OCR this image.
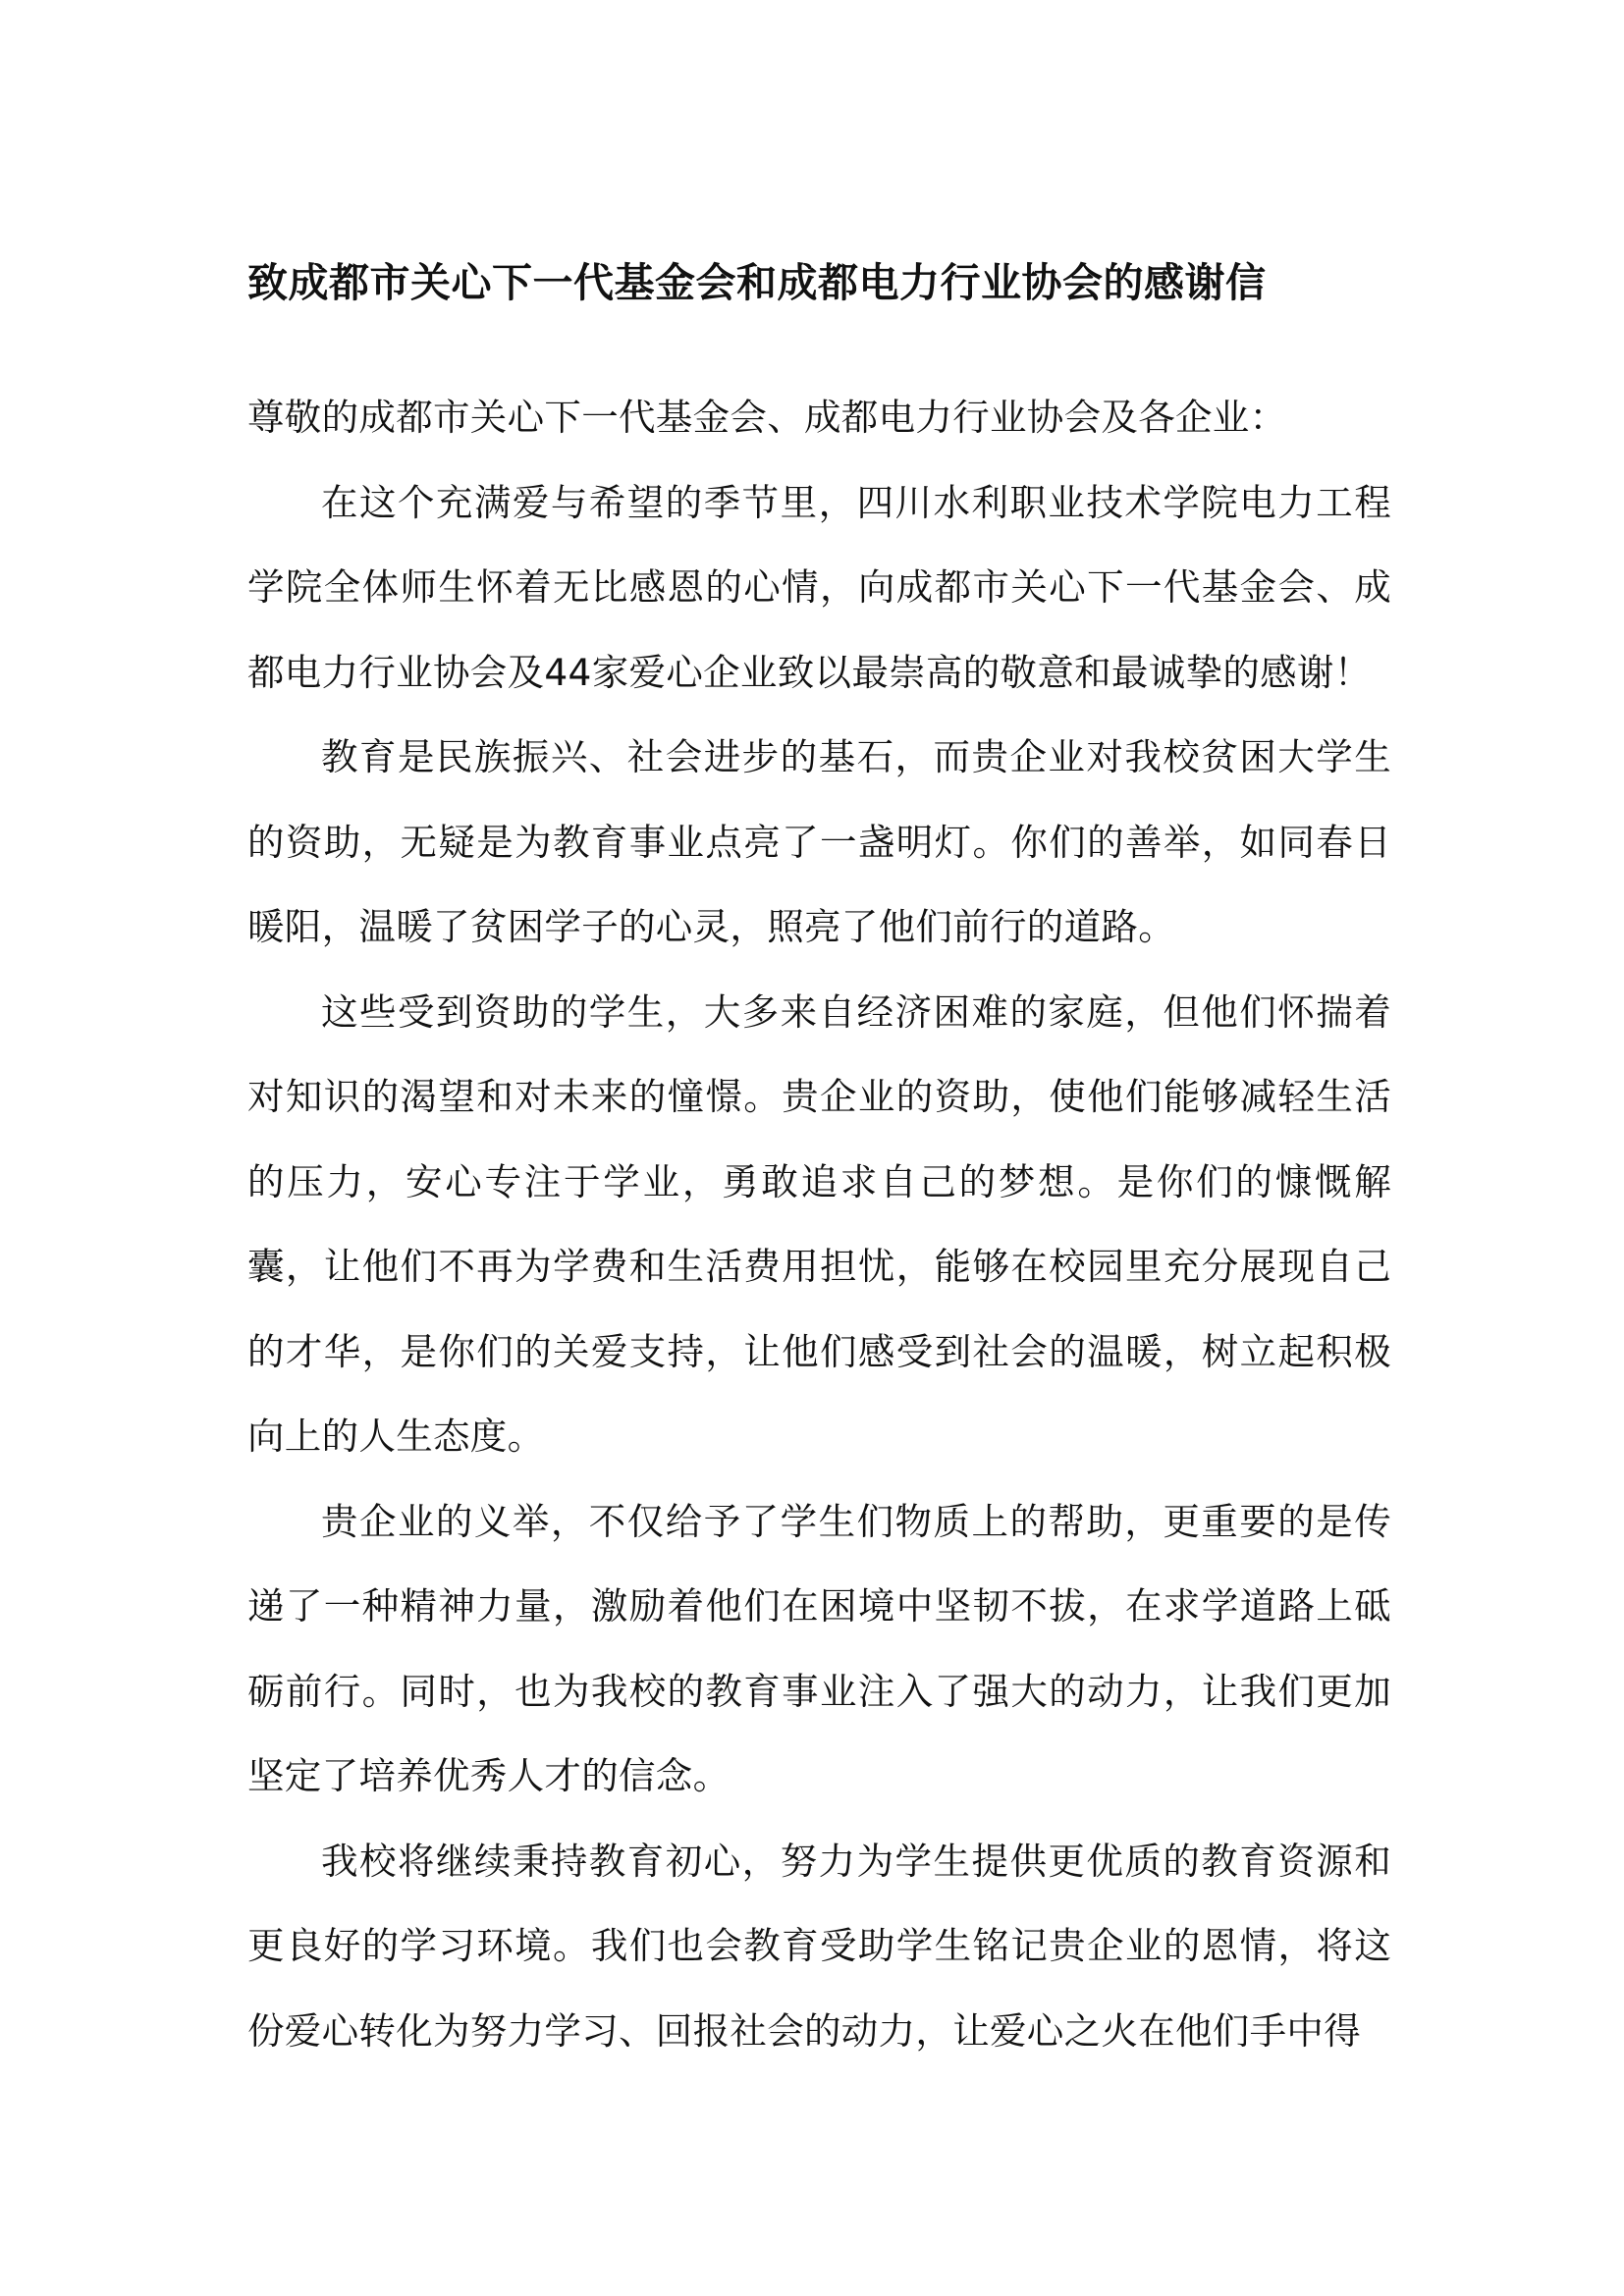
致成都市关心下一代基金会和成都电力行业协会的感谢信

尊敬的成都市关心下一代基金会、成都电力行业协会及各企业：

在这个充满爱与希望的季节里，四川水利职业技术学院电力工程学院全体师生怀着无比感恩的心情，向成都市关心下一代基金会、成都电力行业协会及44家爱心企业致以最崇高的敬意和最诚挚的感谢！

教育是民族振兴、社会进步的基石，而贵企业对我校贫困大学生的资助，无疑是为教育事业点亮了一盏明灯。你们的善举，如同春日暖阳，温暖了贫困学子的心灵，照亮了他们前行的道路。

这些受到资助的学生，大多来自经济困难的家庭，但他们怀揣着对知识的渴望和对未来的憧憬。贵企业的资助，使他们能够减轻生活的压力，安心专注于学业，勇敢追求自己的梦想。是你们的慷慨解囊，让他们不再为学费和生活费用担忧，能够在校园里充分展现自己的才华，是你们的关爱支持，让他们感受到社会的温暖，树立起积极向上的人生态度。

贵企业的义举，不仅给予了学生们物质上的帮助，更重要的是传递了一种精神力量，激励着他们在困境中坚韧不拔，在求学道路上砥砺前行。同时，也为我校的教育事业注入了强大的动力，让我们更加坚定了培养优秀人才的信念。

我校将继续秉持教育初心，努力为学生提供更优质的教育资源和更良好的学习环境。我们也会教育受助学生铭记贵企业的恩情，将这份爱心转化为努力学习、回报社会的动力，让爱心之火在他们手中得
